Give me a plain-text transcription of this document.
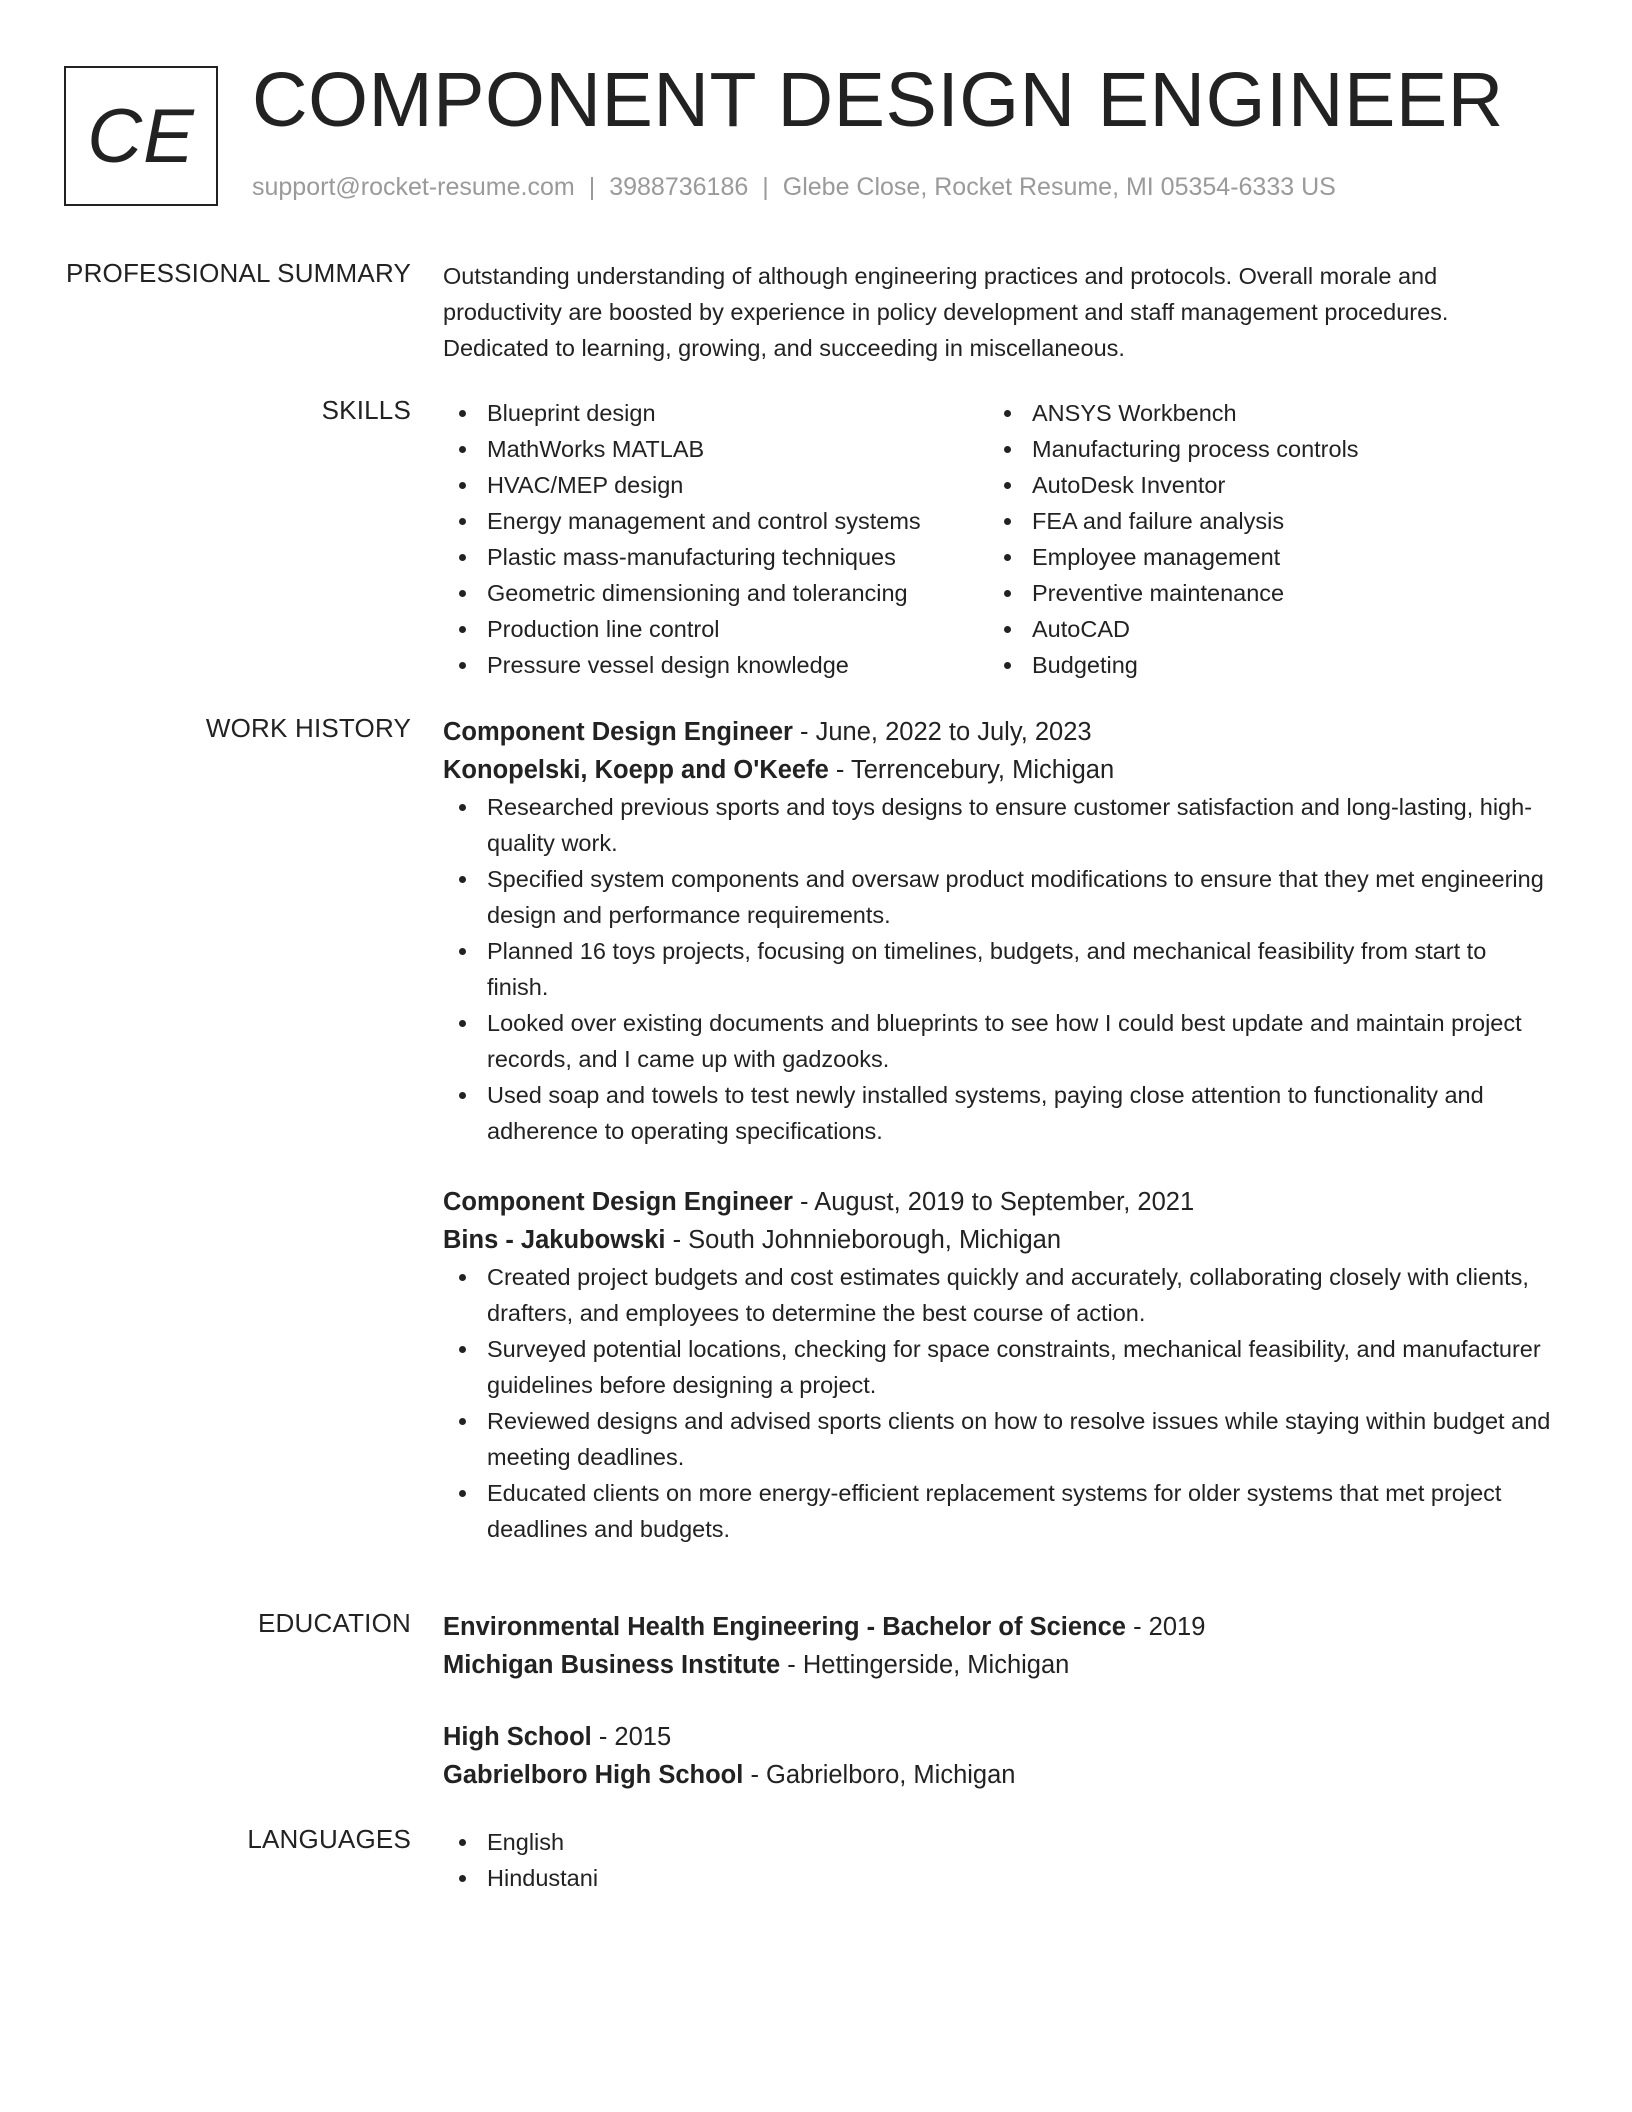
CE COMPONENT DESIGN ENGINEER
support@rocket-resume.com | 3988736186 | Glebe Close, Rocket Resume, MI 05354-6333 US
PROFESSIONAL SUMMARY Outstanding understanding of although engineering practices and protocols. Overall morale and productivity are boosted by experience in policy development and staff management procedures. Dedicated to learning, growing, and succeeding in miscellaneous.

SKILLS	Blueprint design
MathWorks MATLAB
HVAC/MEP design
Energy management and control systems
Plastic mass-manufacturing techniques
Geometric dimensioning and tolerancing
Production line control
Pressure vessel design knowledge
ANSYS Workbench
Manufacturing process controls
AutoDesk Inventor
FEA and failure analysis
Employee management
Preventive maintenance
AutoCAD
Budgeting
WORK HISTORY Component Design Engineer - June, 2022 to July, 2023
Konopelski, Koepp and O'Keefe - Terrencebury, Michigan
Researched previous sports and toys designs to ensure customer satisfaction and long-lasting, high-quality work.
Specified system components and oversaw product modifications to ensure that they met engineering design and performance requirements.
Planned 16 toys projects, focusing on timelines, budgets, and mechanical feasibility from start to finish.
Looked over existing documents and blueprints to see how I could best update and maintain project records, and I came up with gadzooks.
Used soap and towels to test newly installed systems, paying close attention to functionality and adherence to operating specifications.
Component Design Engineer - August, 2019 to September, 2021
Bins - Jakubowski - South Johnnieborough, Michigan
Created project budgets and cost estimates quickly and accurately, collaborating closely with clients, drafters, and employees to determine the best course of action.
Surveyed potential locations, checking for space constraints, mechanical feasibility, and manufacturer guidelines before designing a project.
Reviewed designs and advised sports clients on how to resolve issues while staying within budget and meeting deadlines.
Educated clients on more energy-efficient replacement systems for older systems that met project deadlines and budgets.
EDUCATION Environmental Health Engineering - Bachelor of Science - 2019
Michigan Business Institute - Hettingerside, Michigan
High School - 2015
Gabrielboro High School - Gabrielboro, Michigan
LANGUAGES	English
Hindustani
